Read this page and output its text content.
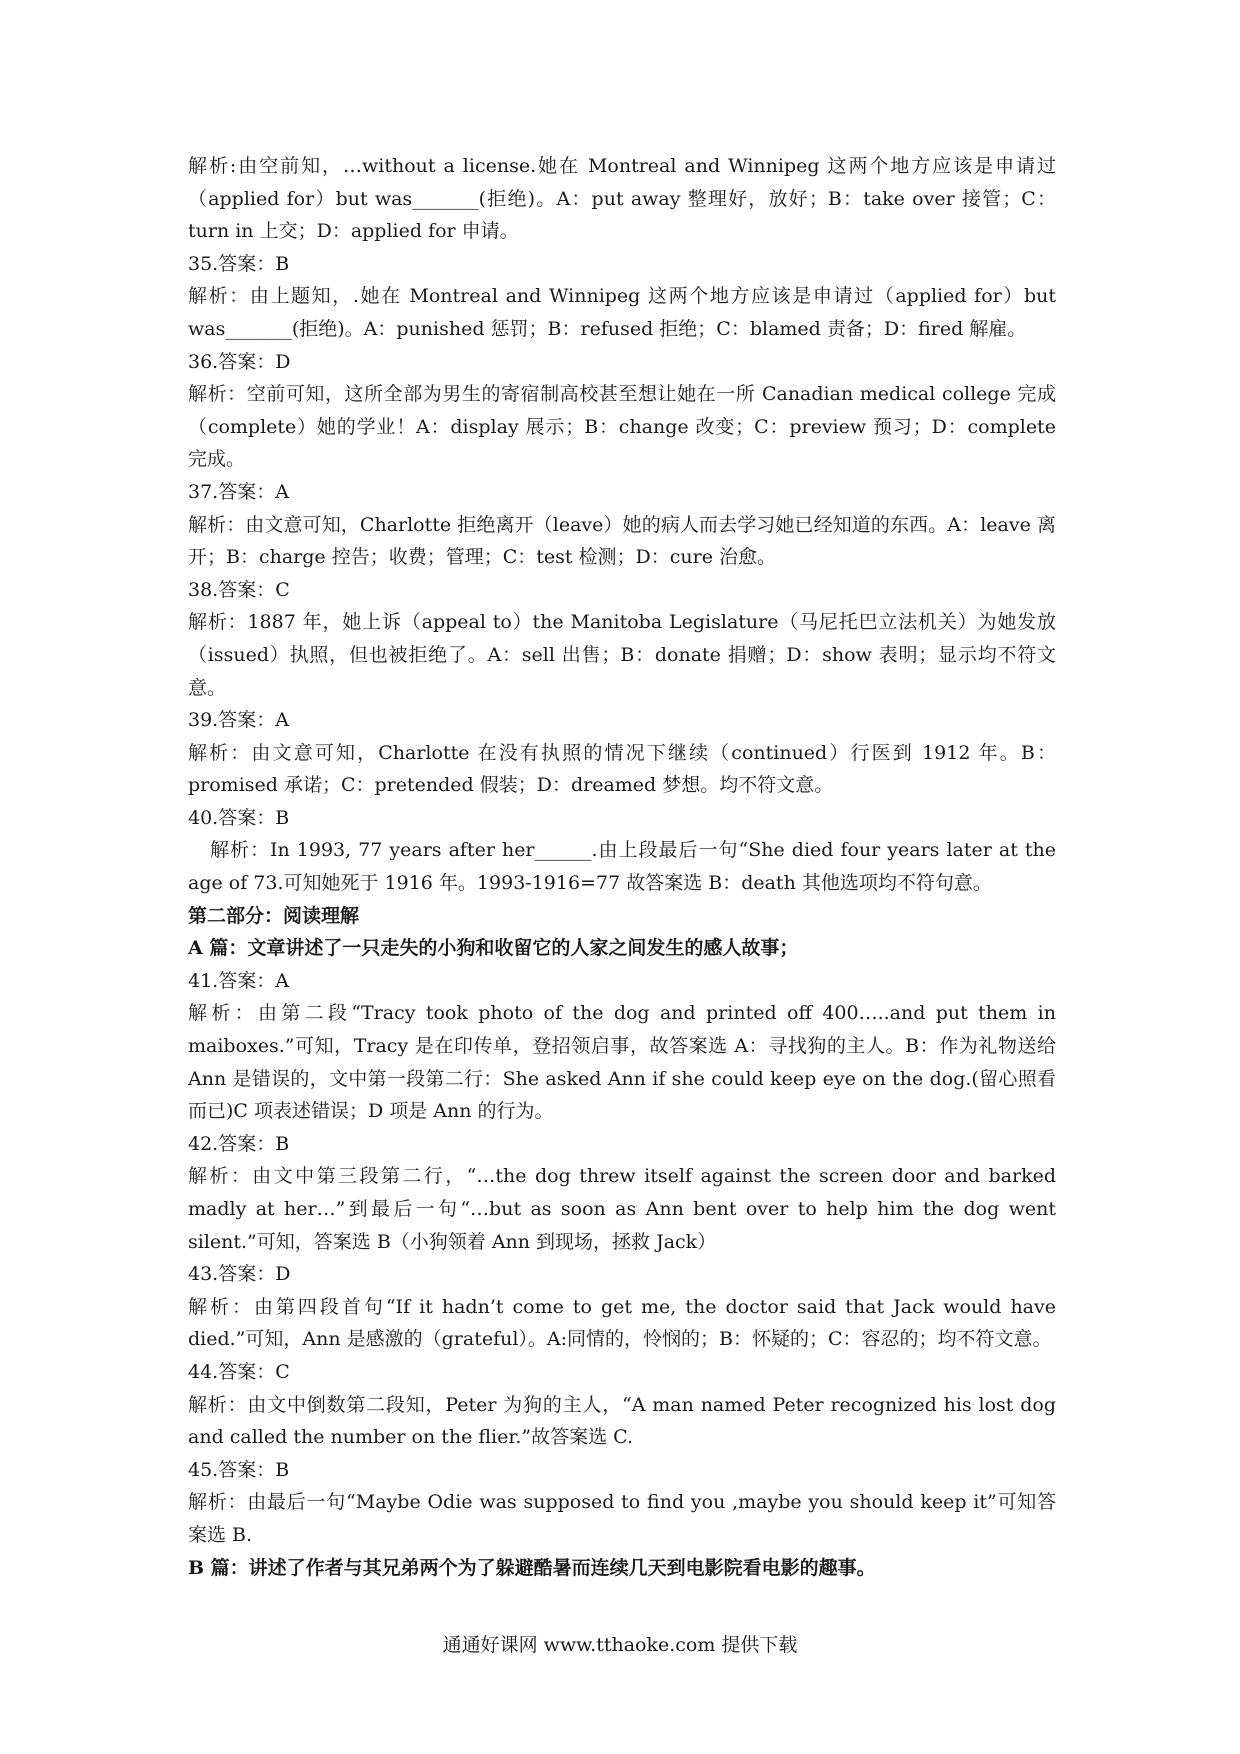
解析:由空前知，…without a license.她在 Montreal and Winnipeg 这两个地方应该是申请过（applied for）but was_______(拒绝)。A：put away 整理好，放好；B：take over 接管；C：turn in 上交；D：applied for 申请。

35.答案：B

解析：由上题知，.她在 Montreal and Winnipeg 这两个地方应该是申请过（applied for）but was_______(拒绝)。A：punished 惩罚；B：refused 拒绝；C：blamed 责备；D：fired 解雇。

36.答案：D

解析：空前可知，这所全部为男生的寄宿制高校甚至想让她在一所 Canadian medical college 完成（complete）她的学业！A：display 展示；B：change 改变；C：preview 预习；D：complete 完成。

37.答案：A

解析：由文意可知，Charlotte 拒绝离开（leave）她的病人而去学习她已经知道的东西。A：leave 离开；B：charge 控告；收费；管理；C：test 检测；D：cure 治愈。

38.答案：C

解析：1887 年，她上诉（appeal to）the Manitoba Legislature（马尼托巴立法机关）为她发放（issued）执照，但也被拒绝了。A：sell 出售；B：donate 捐赠；D：show 表明；显示均不符文意。

39.答案：A

解析：由文意可知，Charlotte 在没有执照的情况下继续（continued）行医到 1912 年。B：promised 承诺；C：pretended 假装；D：dreamed 梦想。均不符文意。

40.答案：B

解析：In 1993, 77 years after her______.由上段最后一句“She died four years later at the age of 73.可知她死于 1916 年。1993-1916=77 故答案选 B：death 其他选项均不符句意。

第二部分：阅读理解

A 篇：文章讲述了一只走失的小狗和收留它的人家之间发生的感人故事；

41.答案：A

解析：由第二段“Tracy took photo of the dog and printed off 400…..and put them in maiboxes.”可知，Tracy 是在印传单，登招领启事，故答案选 A：寻找狗的主人。B：作为礼物送给 Ann 是错误的，文中第一段第二行：She asked Ann if she could keep eye on the dog.(留心照看而已)C 项表述错误；D 项是 Ann 的行为。

42.答案：B

解析：由文中第三段第二行，“…the dog threw itself against the screen door and barked madly at her…”到最后一句“…but as soon as Ann bent over to help him the dog went silent.”可知，答案选 B（小狗领着 Ann 到现场，拯救 Jack）

43.答案：D

解析：由第四段首句“If it hadn’t come to get me, the doctor said that Jack would have died.”可知，Ann 是感激的（grateful）。A:同情的，怜悯的；B：怀疑的；C：容忍的；均不符文意。

44.答案：C

解析：由文中倒数第二段知，Peter 为狗的主人，“A man named Peter recognized his lost dog and called the number on the flier.”故答案选 C.

45.答案：B

解析：由最后一句“Maybe Odie was supposed to find you ,maybe you should keep it”可知答案选 B.

B 篇：讲述了作者与其兄弟两个为了躲避酷暑而连续几天到电影院看电影的趣事。

通通好课网 www.tthaoke.com 提供下载
